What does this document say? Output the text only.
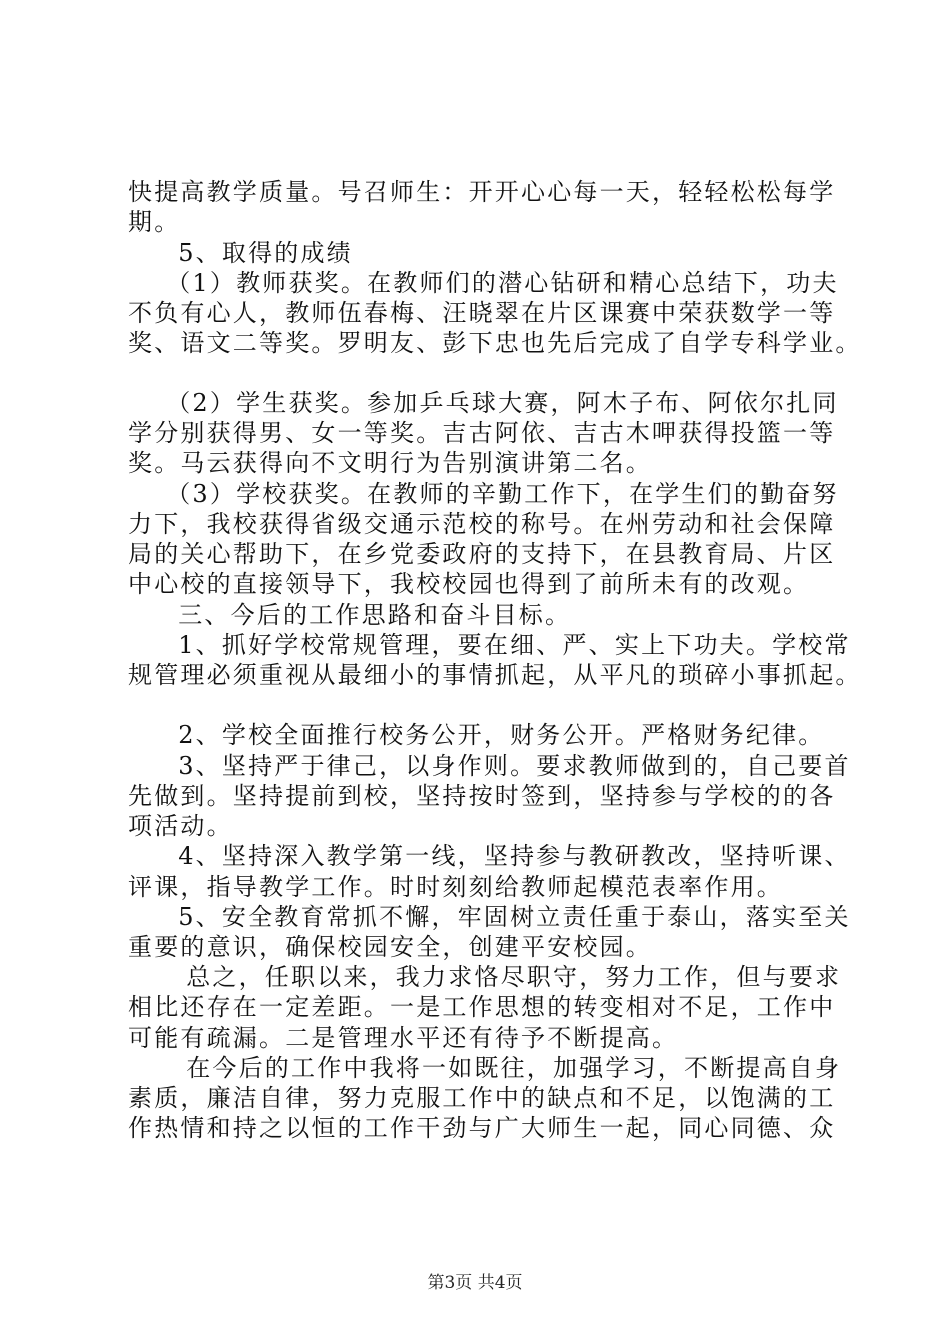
快提高教学质量。号召师生：开开心心每一天，轻轻松松每学
期。
　5、取得的成绩
　（1）教师获奖。在教师们的潜心钻研和精心总结下，功夫
不负有心人，教师伍春梅、汪晓翠在片区课赛中荣获数学一等
奖、语文二等奖。罗明友、彭下忠也先后完成了自学专科学业。
　（2）学生获奖。参加乒乓球大赛，阿木子布、阿依尔扎同
学分别获得男、女一等奖。吉古阿依、吉古木呷获得投篮一等
奖。马云获得向不文明行为告别演讲第二名。
　（3）学校获奖。在教师的辛勤工作下，在学生们的勤奋努
力下，我校获得省级交通示范校的称号。在州劳动和社会保障
局的关心帮助下，在乡党委政府的支持下，在县教育局、片区
中心校的直接领导下，我校校园也得到了前所未有的改观。
　三、今后的工作思路和奋斗目标。
　1、抓好学校常规管理，要在细、严、实上下功夫。学校常
规管理必须重视从最细小的事情抓起，从平凡的琐碎小事抓起。
　2、学校全面推行校务公开，财务公开。严格财务纪律。
　3、坚持严于律己，以身作则。要求教师做到的，自己要首
先做到。坚持提前到校，坚持按时签到，坚持参与学校的的各
项活动。
　4、坚持深入教学第一线，坚持参与教研教改，坚持听课、
评课，指导教学工作。时时刻刻给教师起模范表率作用。
　5、安全教育常抓不懈，牢固树立责任重于泰山，落实至关
重要的意识，确保校园安全，创建平安校园。
　总之，任职以来，我力求恪尽职守，努力工作，但与要求
相比还存在一定差距。一是工作思想的转变相对不足，工作中
可能有疏漏。二是管理水平还有待予不断提高。
　在今后的工作中我将一如既往，加强学习，不断提高自身
素质，廉洁自律，努力克服工作中的缺点和不足，以饱满的工
作热情和持之以恒的工作干劲与广大师生一起，同心同德、众
第3页 共4页
